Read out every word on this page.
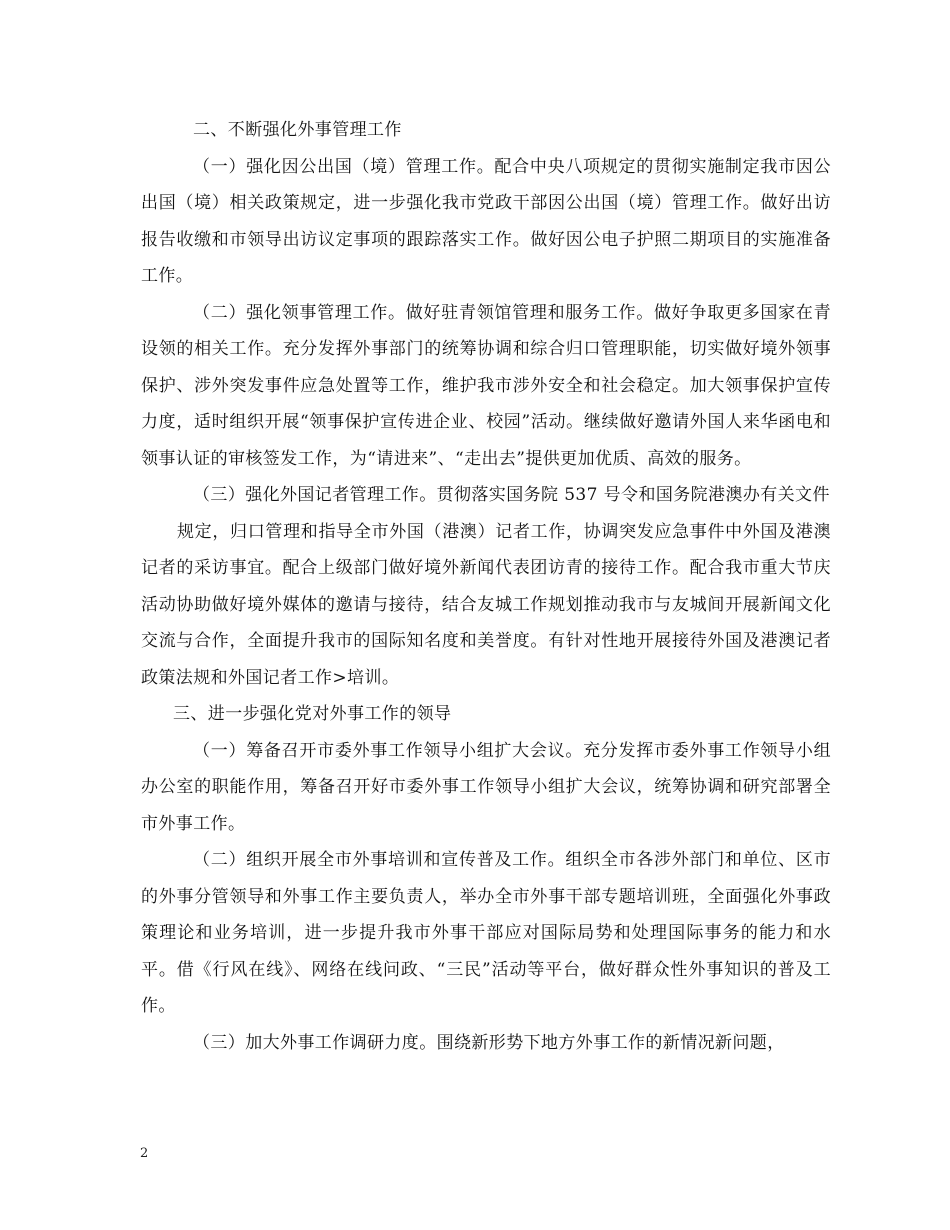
二、不断强化外事管理工作

（一）强化因公出国（境）管理工作。配合中央八项规定的贯彻实施制定我市因公出国（境）相关政策规定，进一步强化我市党政干部因公出国（境）管理工作。做好出访报告收缴和市领导出访议定事项的跟踪落实工作。做好因公电子护照二期项目的实施准备工作。

（二）强化领事管理工作。做好驻青领馆管理和服务工作。做好争取更多国家在青设领的相关工作。充分发挥外事部门的统筹协调和综合归口管理职能，切实做好境外领事保护、涉外突发事件应急处置等工作，维护我市涉外安全和社会稳定。加大领事保护宣传力度，适时组织开展“领事保护宣传进企业、校园”活动。继续做好邀请外国人来华函电和领事认证的审核签发工作，为“请进来”、“走出去”提供更加优质、高效的服务。

（三）强化外国记者管理工作。贯彻落实国务院 537 号令和国务院港澳办有关文件

规定，归口管理和指导全市外国（港澳）记者工作，协调突发应急事件中外国及港澳记者的采访事宜。配合上级部门做好境外新闻代表团访青的接待工作。配合我市重大节庆活动协助做好境外媒体的邀请与接待，结合友城工作规划推动我市与友城间开展新闻文化交流与合作，全面提升我市的国际知名度和美誉度。有针对性地开展接待外国及港澳记者政策法规和外国记者工作>培训。

三、进一步强化党对外事工作的领导

（一）筹备召开市委外事工作领导小组扩大会议。充分发挥市委外事工作领导小组办公室的职能作用，筹备召开好市委外事工作领导小组扩大会议，统筹协调和研究部署全市外事工作。

（二）组织开展全市外事培训和宣传普及工作。组织全市各涉外部门和单位、区市的外事分管领导和外事工作主要负责人，举办全市外事干部专题培训班，全面强化外事政策理论和业务培训，进一步提升我市外事干部应对国际局势和处理国际事务的能力和水平。借《行风在线》、网络在线问政、“三民”活动等平台，做好群众性外事知识的普及工作。

（三）加大外事工作调研力度。围绕新形势下地方外事工作的新情况新问题，

2
